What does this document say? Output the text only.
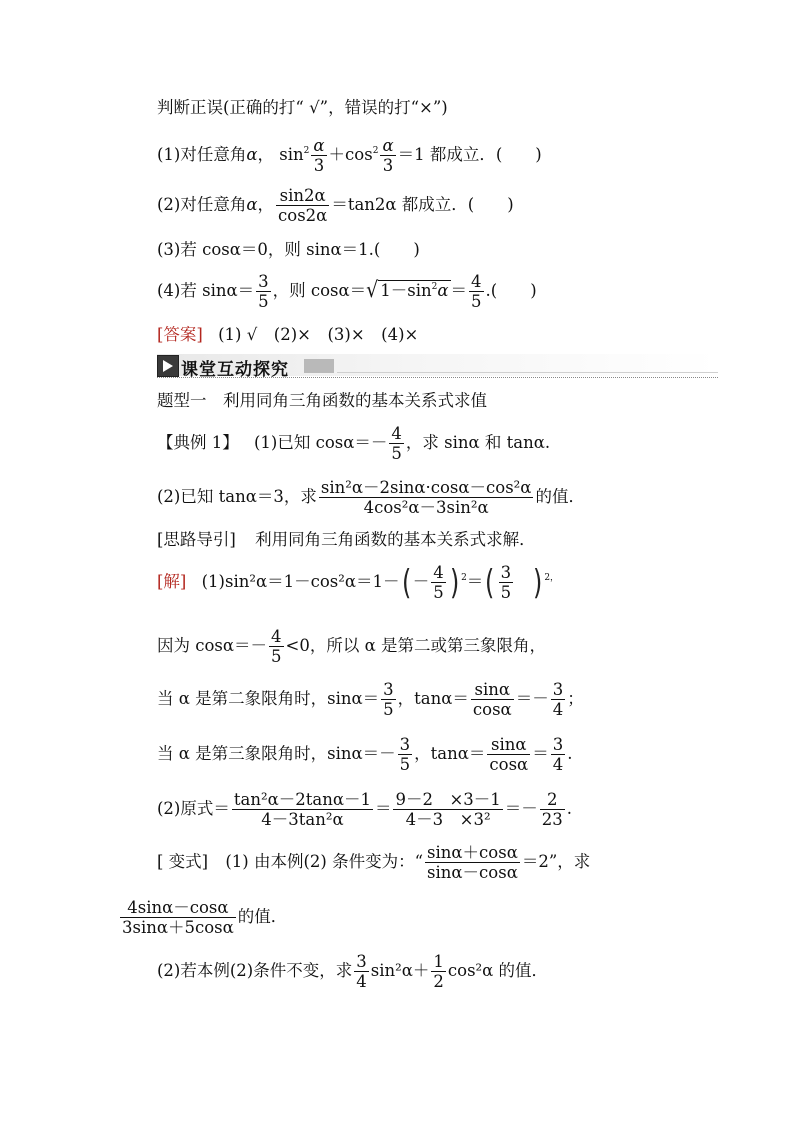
判断正误(正确的打“ √”，错误的打“×”)
(1)对任意角α， $\sin^2 \frac{\alpha}{3} +\cos^2 \frac{\alpha}{3} =1$ 都成立．(　　)
(2)对任意角α， $\frac{\sin 2\alpha}{\cos 2\alpha} =\tan 2\alpha$ 都成立．(　　)
(3)若 cosα＝0，则 sinα＝1.(　　)
(4)若 $\sin\alpha= \frac{3}{5}$ ，则 cosα＝√ $1-\sin^2\alpha = \frac{4}{5}$ .(　　)
[答案] (1) √　(2)×　(3)×　(4)×
课堂互动探究
题型一　利用同角三角函数的基本关系式求值
【典例 1】 (1)已知 $\cos\alpha=- \frac{4}{5}$ ，求 sinα 和 tanα.
(2)已知 tanα＝3，求 $\frac{\text{sin²α－2sinα·cosα－cos²α}}{\text{4cos²α－3sin²α}}$ 的值．
[思路导引] 利用同角三角函数的基本关系式求解．
[解] $(1)\sin^2\alpha=1-\cos^2\alpha=1-( - \frac{4}{5}$ ) $^2=( \frac{3}{5}$ ) $^{2,}$
因为 $\cos\alpha=- \frac{4}{5} <0$，所以 α 是第二或第三象限角，
当 α 是第二象限角时，$\sin\alpha= \frac{3}{5}$ ，$\tan\alpha= \frac{\sin\alpha}{\cos\alpha} =- \frac{3}{4}$ ；
当 α 是第三象限角时，$\sin\alpha=- \frac{3}{5}$ ，$\tan\alpha= \frac{\sin\alpha}{\cos\alpha} = \frac{3}{4}$ .
(2)原式＝ $\frac{\text{tan²α－2tanα－1}}{\text{4－3tan²α}} = \frac{9-2 \times 3-1}{\text{4－3　×3²}} =- \frac{2}{23}$ .
[ 变式] (1) 由本例(2) 条件变为：“ $\frac{\sin\alpha+\cos\alpha}{\sin\alpha-\cos\alpha} =2$”，求
$\frac{4\sin\alpha-\cos\alpha}{3\sin\alpha+5\cos\alpha}$ 的值．
(2)若本例(2)条件不变，求 $\frac{3}{4} \sin^2\alpha+ \frac{1}{2} \cos^2\alpha$ 的值．
